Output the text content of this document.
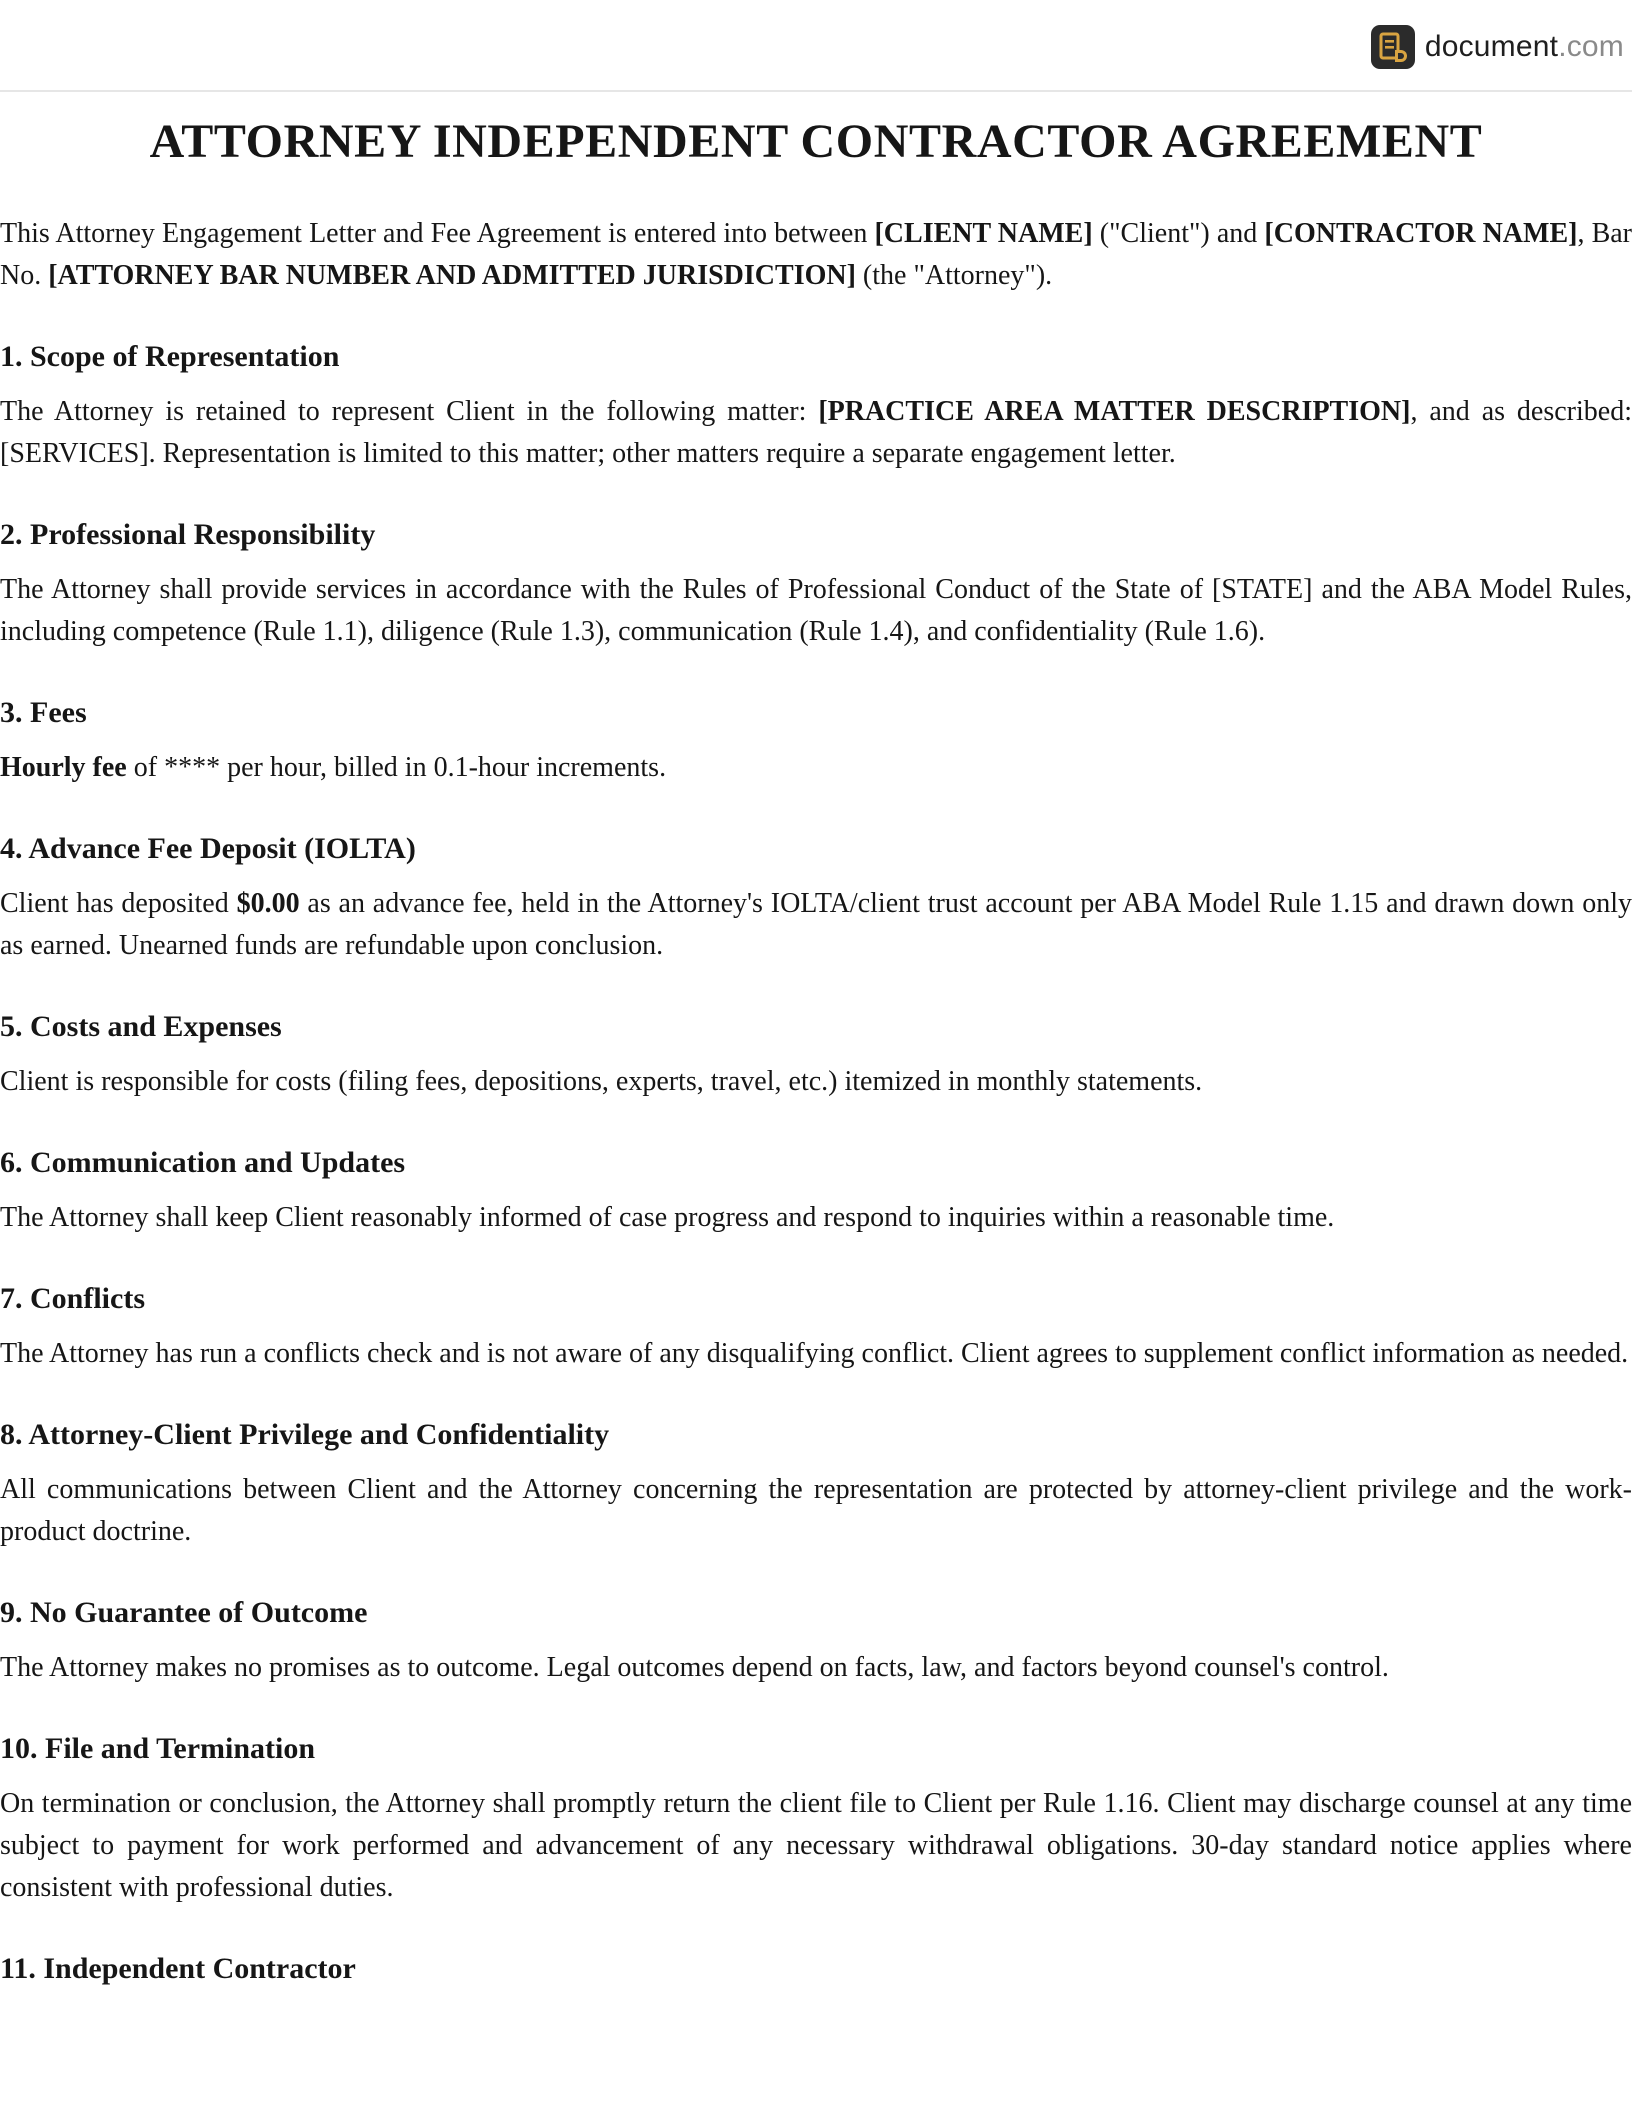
document.com
ATTORNEY INDEPENDENT CONTRACTOR AGREEMENT

This Attorney Engagement Letter and Fee Agreement is entered into between [CLIENT NAME] ("Client") and [CONTRACTOR NAME], Bar No. [ATTORNEY BAR NUMBER AND ADMITTED JURISDICTION] (the "Attorney").

1. Scope of Representation

The Attorney is retained to represent Client in the following matter: [PRACTICE AREA MATTER DESCRIPTION], and as described: [SERVICES]. Representation is limited to this matter; other matters require a separate engagement letter.

2. Professional Responsibility

The Attorney shall provide services in accordance with the Rules of Professional Conduct of the State of [STATE] and the ABA Model Rules, including competence (Rule 1.1), diligence (Rule 1.3), communication (Rule 1.4), and confidentiality (Rule 1.6).

3. Fees

Hourly fee of **** per hour, billed in 0.1-hour increments.

4. Advance Fee Deposit (IOLTA)

Client has deposited $0.00 as an advance fee, held in the Attorney's IOLTA/client trust account per ABA Model Rule 1.15 and drawn down only as earned. Unearned funds are refundable upon conclusion.

5. Costs and Expenses

Client is responsible for costs (filing fees, depositions, experts, travel, etc.) itemized in monthly statements.

6. Communication and Updates

The Attorney shall keep Client reasonably informed of case progress and respond to inquiries within a reasonable time.

7. Conflicts

The Attorney has run a conflicts check and is not aware of any disqualifying conflict. Client agrees to supplement conflict information as needed.

8. Attorney-Client Privilege and Confidentiality

All communications between Client and the Attorney concerning the representation are protected by attorney-client privilege and the work-product doctrine.

9. No Guarantee of Outcome

The Attorney makes no promises as to outcome. Legal outcomes depend on facts, law, and factors beyond counsel's control.

10. File and Termination

On termination or conclusion, the Attorney shall promptly return the client file to Client per Rule 1.16. Client may discharge counsel at any time subject to payment for work performed and advancement of any necessary withdrawal obligations. 30-day standard notice applies where consistent with professional duties.

11. Independent Contractor
